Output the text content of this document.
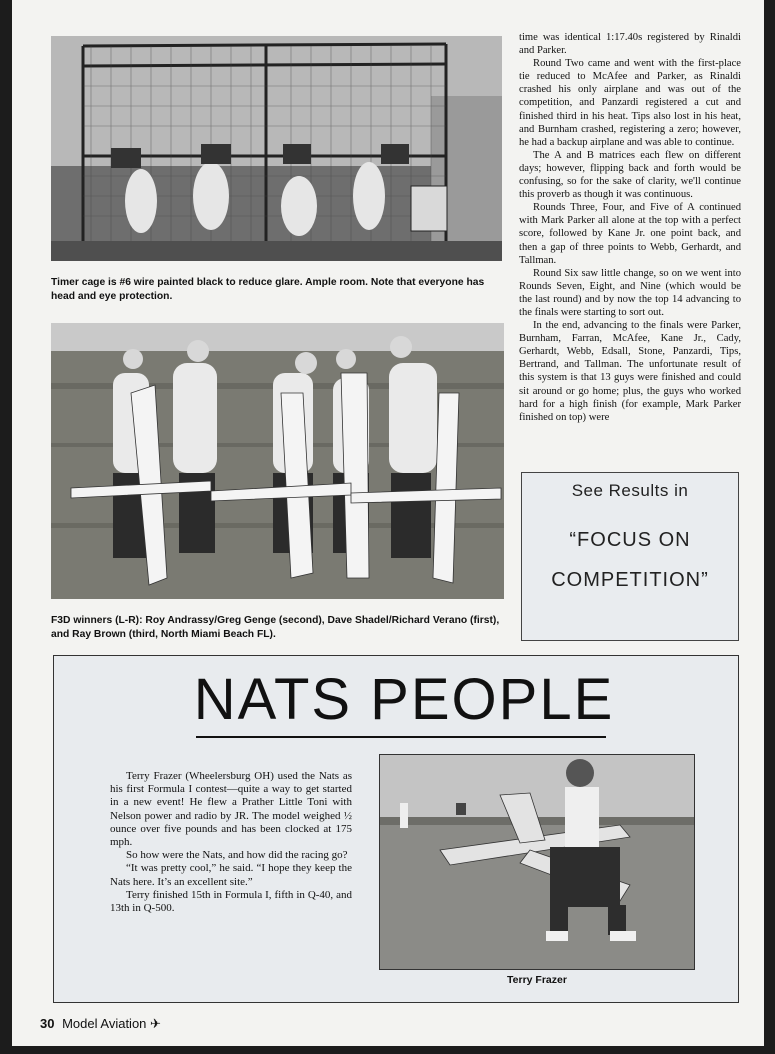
Timer cage is #6 wire painted black to reduce glare. Ample room. Note that everyone has head and eye protection.
F3D winners (L-R): Roy Andrassy/Greg Genge (second), Dave Shadel/Richard Verano (first), and Ray Brown (third, North Miami Beach FL).

time was identical 1:17.40s registered by Rinaldi and Parker.

Round Two came and went with the first-place tie reduced to McAfee and Parker, as Rinaldi crashed his only airplane and was out of the competition, and Panzardi registered a cut and finished third in his heat. Tips also lost in his heat, and Burnham crashed, registering a zero; however, he had a backup airplane and was able to continue.

The A and B matrices each flew on different days; however, flipping back and forth would be confusing, so for the sake of clarity, we'll continue this proverb as though it was continuous.

Rounds Three, Four, and Five of A continued with Mark Parker all alone at the top with a perfect score, followed by Kane Jr. one point back, and then a gap of three points to Webb, Gerhardt, and Tallman.

Round Six saw little change, so on we went into Rounds Seven, Eight, and Nine (which would be the last round) and by now the top 14 advancing to the finals were starting to sort out.

In the end, advancing to the finals were Parker, Burnham, Farran, McAfee, Kane Jr., Cady, Gerhardt, Webb, Edsall, Stone, Panzardi, Tips, Bertrand, and Tallman. The unfortunate result of this system is that 13 guys were finished and could sit around or go home; plus, the guys who worked hard for a high finish (for example, Mark Parker finished on top) were

See Results in
“FOCUS ON
COMPETITION”
NATS PEOPLE

Terry Frazer (Wheelersburg OH) used the Nats as his first Formula I contest—quite a way to get started in a new event! He flew a Prather Little Toni with Nelson power and radio by JR. The model weighed ½ ounce over five pounds and has been clocked at 175 mph.

So how were the Nats, and how did the racing go?

“It was pretty cool,” he said. “I hope they keep the Nats here. It’s an excellent site.”

Terry finished 15th in Formula I, fifth in Q-40, and 13th in Q-500.

Terry Frazer
30 Model Aviation ✈
